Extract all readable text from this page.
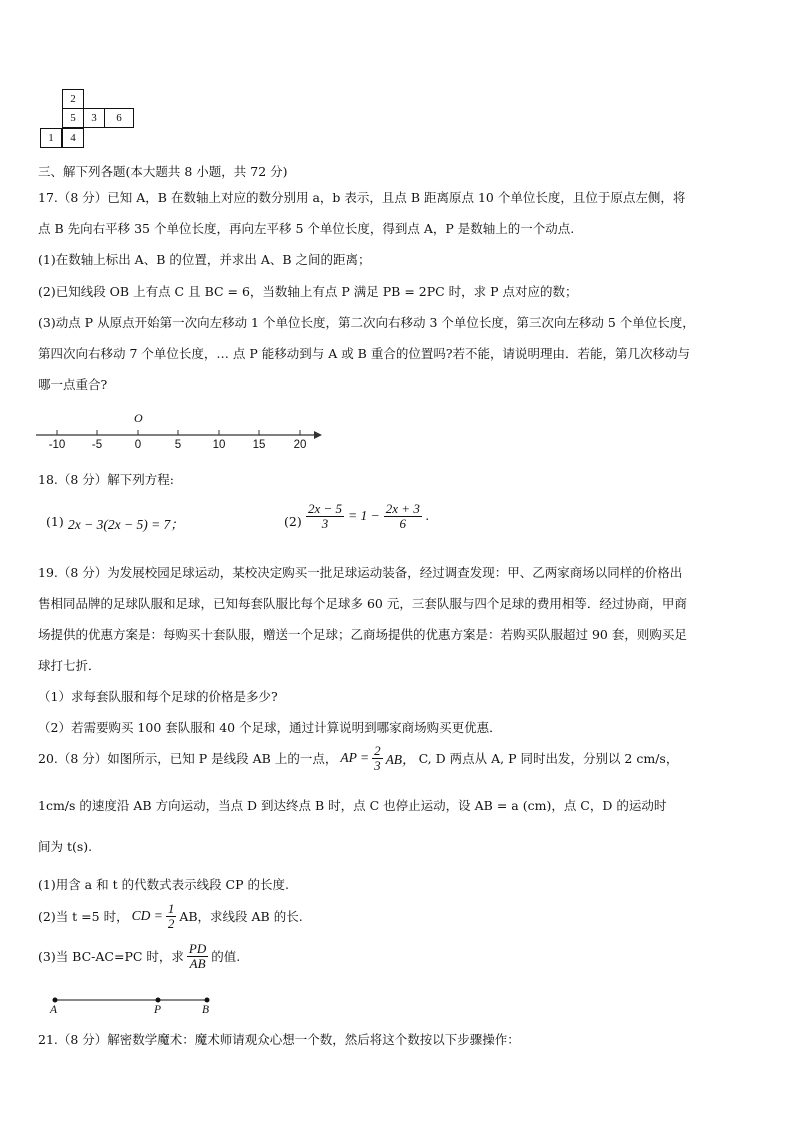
2
5	3	6
1	4
三、解下列各题(本大题共 8 小题，共 72 分)
17.（8 分）已知 A，B 在数轴上对应的数分别用 a，b 表示，且点 B 距离原点 10 个单位长度，且位于原点左侧，将
点 B 先向右平移 35 个单位长度，再向左平移 5 个单位长度，得到点 A，P 是数轴上的一个动点.
(1)在数轴上标出 A、B 的位置，并求出 A、B 之间的距离；
(2)已知线段 OB 上有点 C 且 BC = 6，当数轴上有点 P 满足 PB = 2PC 时，求 P 点对应的数；
(3)动点 P 从原点开始第一次向左移动 1 个单位长度，第二次向右移动 3 个单位长度，第三次向左移动 5 个单位长度，
第四次向右移动 7 个单位长度，… 点 P 能移动到与 A 或 B 重合的位置吗?若不能，请说明理由．若能，第几次移动与
哪一点重合?
O
-10 -5	0	5	10 15 20
18.（8 分）解下列方程:
(1) 2x − 3(2x − 5) = 7；	$(2) \frac{2x - 5}{3} = 1 - \frac{2x + 3}{6}$ .
19.（8 分）为发展校园足球运动，某校决定购买一批足球运动装备，经过调查发现：甲、乙两家商场以同样的价格出
售相同品牌的足球队服和足球，已知每套队服比每个足球多 60 元，三套队服与四个足球的费用相等．经过协商，甲商
场提供的优惠方案是：每购买十套队服，赠送一个足球；乙商场提供的优惠方案是：若购买队服超过 90 套，则购买足
球打七折．
（1）求每套队服和每个足球的价格是多少?
（2）若需要购买 100 套队服和 40 个足球，通过计算说明到哪家商场购买更优惠．
20.（8 分）如图所示，已知 P 是线段 AB 上的一点， AP = $\frac{2}{3}$ AB， C, D 两点从 A, P 同时出发，分别以 2 cm/s，
1cm/s 的速度沿 AB 方向运动，当点 D 到达终点 B 时，点 C 也停止运动，设 AB = a (cm)，点 C，D 的运动时
间为 t(s).
(1)用含 a 和 t 的代数式表示线段 CP 的长度.
(2)当 t =5 时， CD = $\frac{1}{2}$ AB，求线段 AB 的长.
(3)当 BC-AC=PC 时，求 $\frac{PD}{AB}$ 的值.
A	P	B
21.（8 分）解密数学魔术：魔术师请观众心想一个数，然后将这个数按以下步骤操作：
